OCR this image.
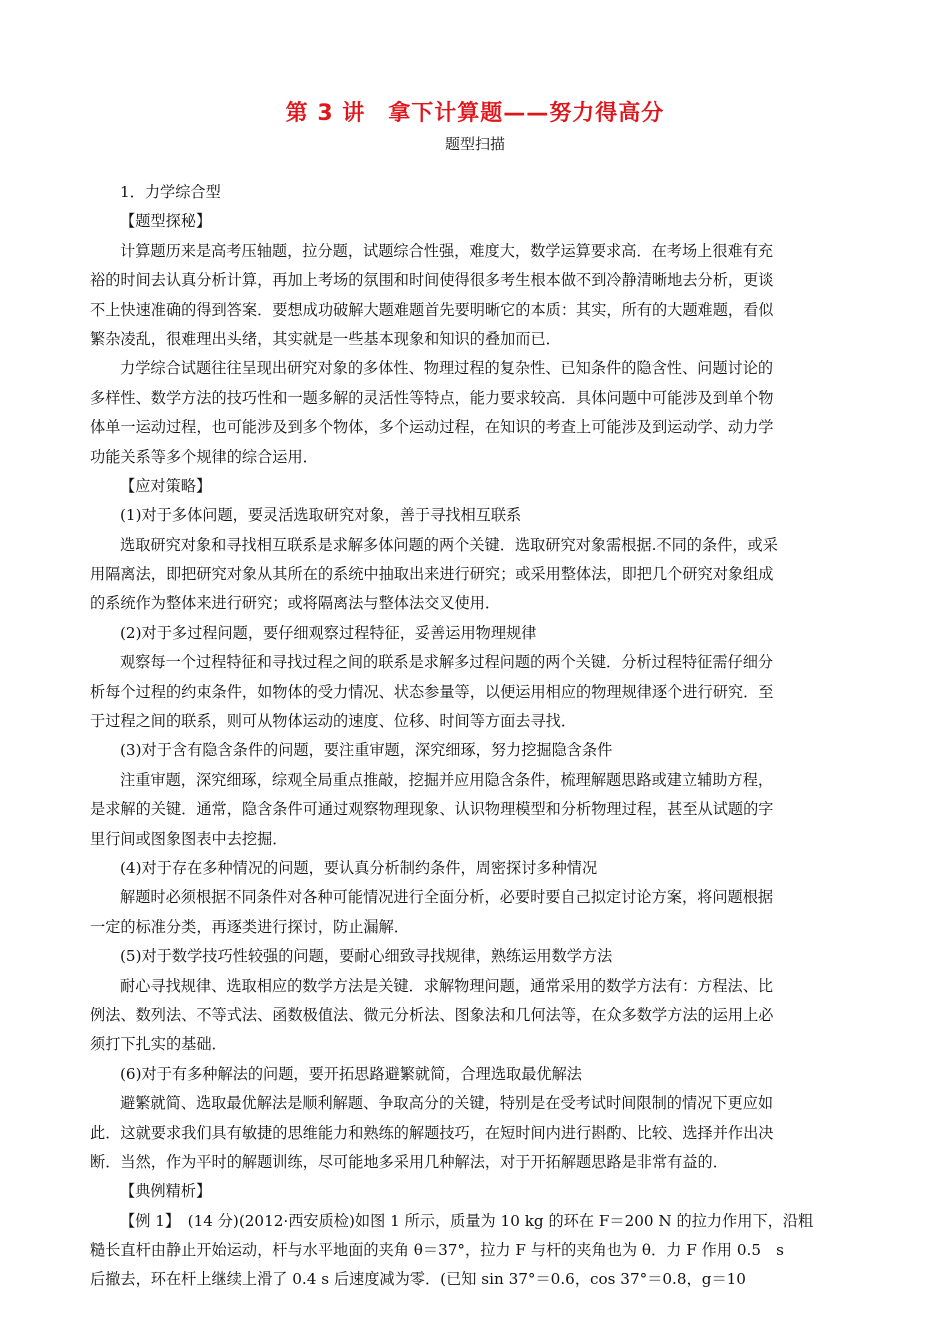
第 3 讲　拿下计算题——努力得高分
题型扫描
1．力学综合型
【题型探秘】
计算题历来是高考压轴题，拉分题，试题综合性强，难度大，数学运算要求高．在考场上很难有充
裕的时间去认真分析计算，再加上考场的氛围和时间使得很多考生根本做不到冷静清晰地去分析，更谈
不上快速准确的得到答案．要想成功破解大题难题首先要明晰它的本质：其实，所有的大题难题，看似
繁杂凌乱，很难理出头绪，其实就是一些基本现象和知识的叠加而已．
力学综合试题往往呈现出研究对象的多体性、物理过程的复杂性、已知条件的隐含性、问题讨论的
多样性、数学方法的技巧性和一题多解的灵活性等特点，能力要求较高．具体问题中可能涉及到单个物
体单一运动过程，也可能涉及到多个物体，多个运动过程，在知识的考查上可能涉及到运动学、动力学
功能关系等多个规律的综合运用．
【应对策略】
(1)对于多体问题，要灵活选取研究对象，善于寻找相互联系
选取研究对象和寻找相互联系是求解多体问题的两个关键．选取研究对象需根据.不同的条件，或采
用隔离法，即把研究对象从其所在的系统中抽取出来进行研究；或采用整体法，即把几个研究对象组成
的系统作为整体来进行研究；或将隔离法与整体法交叉使用．
(2)对于多过程问题，要仔细观察过程特征，妥善运用物理规律
观察每一个过程特征和寻找过程之间的联系是求解多过程问题的两个关键．分析过程特征需仔细分
析每个过程的约束条件，如物体的受力情况、状态参量等，以便运用相应的物理规律逐个进行研究．至
于过程之间的联系，则可从物体运动的速度、位移、时间等方面去寻找．
(3)对于含有隐含条件的问题，要注重审题，深究细琢，努力挖掘隐含条件
注重审题，深究细琢，综观全局重点推敲，挖掘并应用隐含条件，梳理解题思路或建立辅助方程，
是求解的关键．通常，隐含条件可通过观察物理现象、认识物理模型和分析物理过程，甚至从试题的字
里行间或图象图表中去挖掘．
(4)对于存在多种情况的问题，要认真分析制约条件，周密探讨多种情况
解题时必须根据不同条件对各种可能情况进行全面分析，必要时要自己拟定讨论方案，将问题根据
一定的标准分类，再逐类进行探讨，防止漏解．
(5)对于数学技巧性较强的问题，要耐心细致寻找规律，熟练运用数学方法
耐心寻找规律、选取相应的数学方法是关键．求解物理问题，通常采用的数学方法有：方程法、比
例法、数列法、不等式法、函数极值法、微元分析法、图象法和几何法等，在众多数学方法的运用上必
须打下扎实的基础．
(6)对于有多种解法的问题，要开拓思路避繁就简，合理选取最优解法
避繁就简、选取最优解法是顺利解题、争取高分的关键，特别是在受考试时间限制的情况下更应如
此．这就要求我们具有敏捷的思维能力和熟练的解题技巧，在短时间内进行斟酌、比较、选择并作出决
断．当然，作为平时的解题训练，尽可能地多采用几种解法，对于开拓解题思路是非常有益的．
【典例精析】
【例 1】　(14 分)(2012·西安质检)如图 1 所示，质量为 10 kg 的环在 F＝200 N 的拉力作用下，沿粗
糙长直杆由静止开始运动，杆与水平地面的夹角 θ＝37°，拉力 F 与杆的夹角也为 θ．力 F 作用 0.5　s
后撤去，环在杆上继续上滑了 0.4 s 后速度减为零．(已知 sin 37°＝0.6，cos 37°＝0.8，g＝10
